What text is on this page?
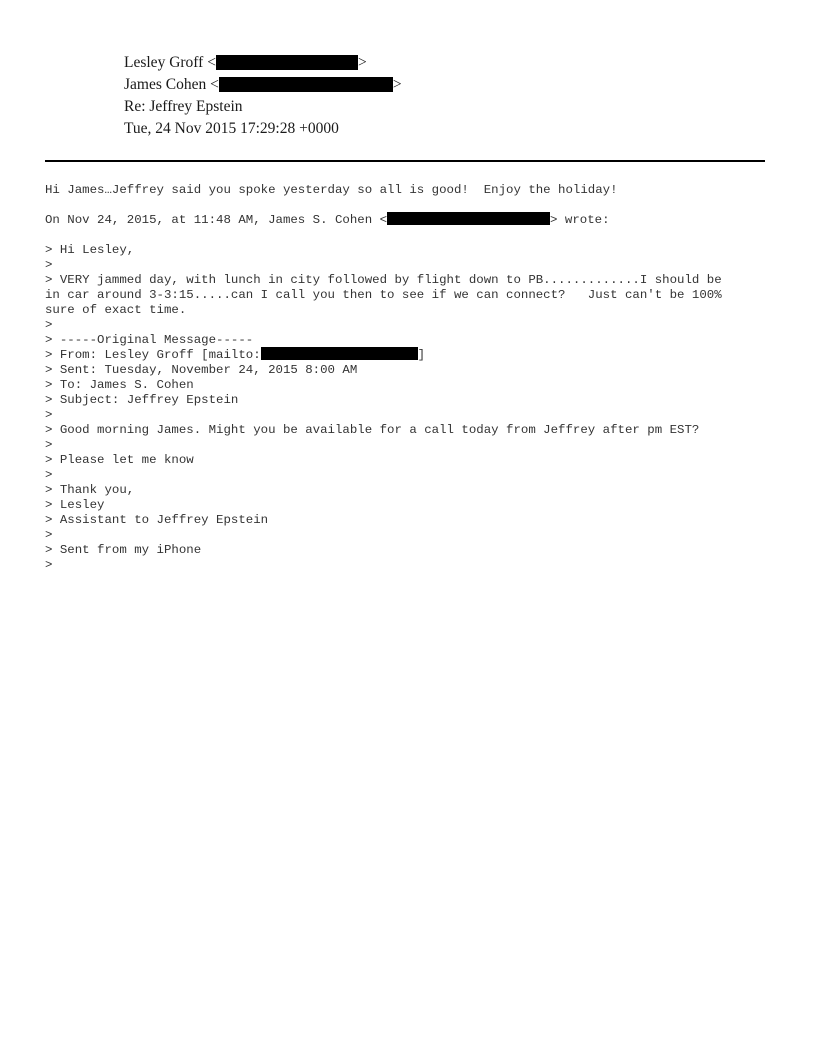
Lesley Groff <	>
James Cohen <	>
Re: Jeffrey Epstein
Tue, 24 Nov 2015 17:29:28 +0000
Hi James…Jeffrey said you spoke yesterday so all is good!  Enjoy the holiday!
On Nov 24, 2015, at 11:48 AM, James S. Cohen <	> wrote:
> Hi Lesley,
>
> VERY jammed day, with lunch in city followed by flight down to PB.............I should be
in car around 3-3:15.....can I call you then to see if we can connect?   Just can't be 100%
sure of exact time.
>
> -----Original Message-----
> From: Lesley Groff [mailto:	]
> Sent: Tuesday, November 24, 2015 8:00 AM
> To: James S. Cohen
> Subject: Jeffrey Epstein
>
> Good morning James. Might you be available for a call today from Jeffrey after pm EST?
>
> Please let me know
>
> Thank you,
> Lesley
> Assistant to Jeffrey Epstein
>
> Sent from my iPhone
>
